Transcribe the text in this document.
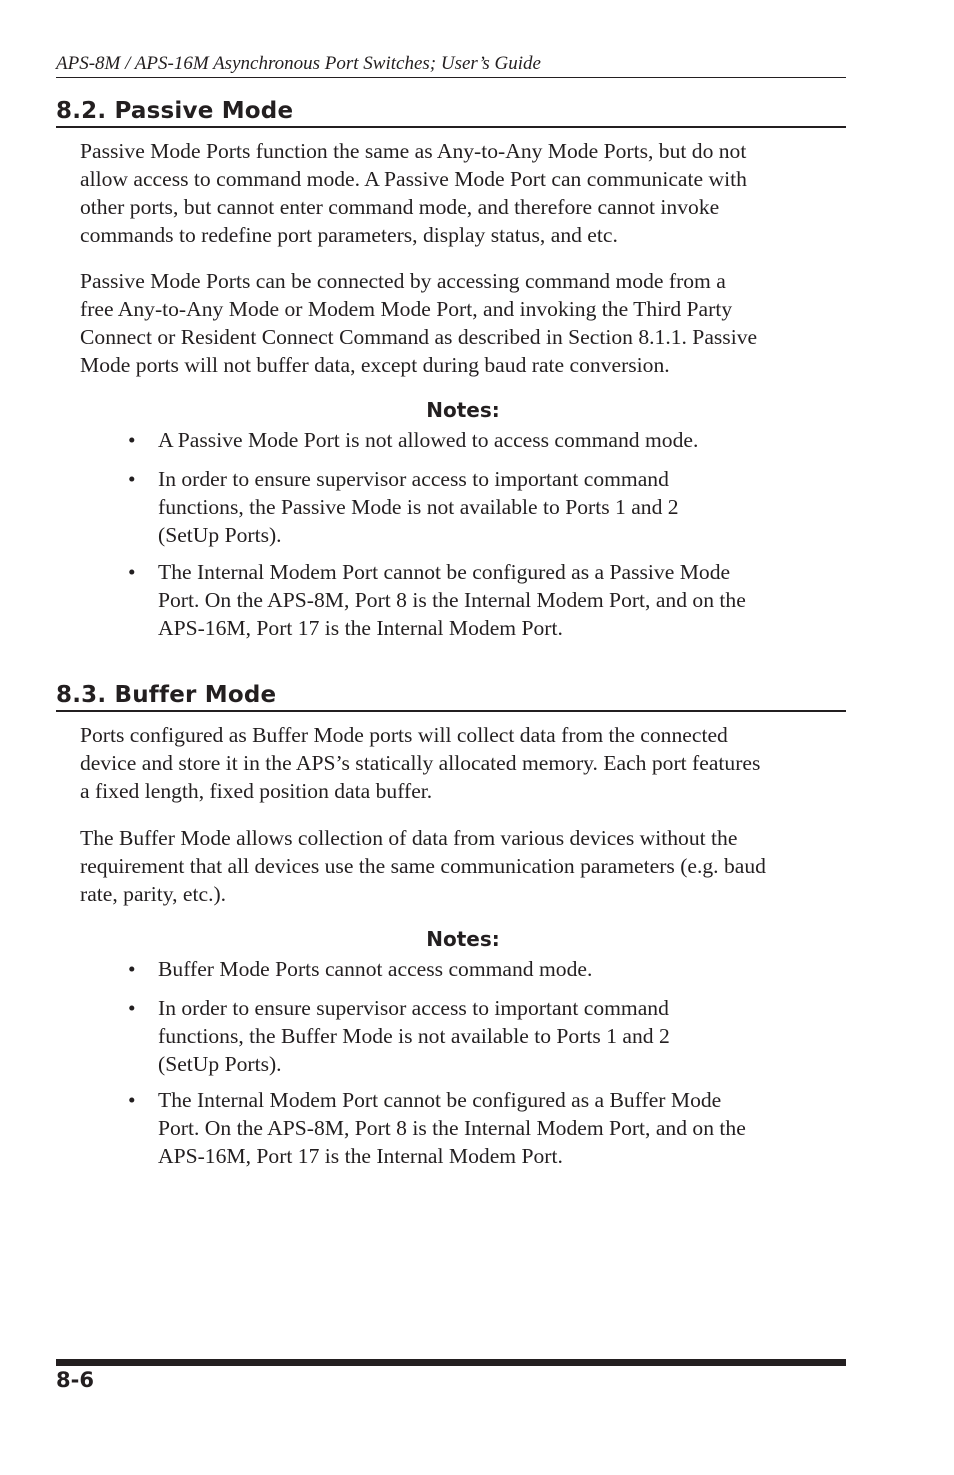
APS-8M / APS-16M Asynchronous Port Switches; User’s Guide
8.2. Passive Mode

Passive Mode Ports function the same as Any-to-Any Mode Ports, but do not
allow access to command mode. A Passive Mode Port can communicate with
other ports, but cannot enter command mode, and therefore cannot invoke
commands to redefine port parameters, display status, and etc.

Passive Mode Ports can be connected by accessing command mode from a
free Any-to-Any Mode or Modem Mode Port, and invoking the Third Party
Connect or Resident Connect Command as described in Section 8.1.1. Passive
Mode ports will not buffer data, except during baud rate conversion.

Notes:
•	A Passive Mode Port is not allowed to access command mode.
•	In order to ensure supervisor access to important command
functions, the Passive Mode is not available to Ports 1 and 2
(SetUp Ports).
•	The Internal Modem Port cannot be configured as a Passive Mode
Port. On the APS-8M, Port 8 is the Internal Modem Port, and on the
APS-16M, Port 17 is the Internal Modem Port.
8.3. Buffer Mode

Ports configured as Buffer Mode ports will collect data from the connected
device and store it in the APS’s statically allocated memory. Each port features
a fixed length, fixed position data buffer.

The Buffer Mode allows collection of data from various devices without the
requirement that all devices use the same communication parameters (e.g. baud
rate, parity, etc.).

Notes:
•	Buffer Mode Ports cannot access command mode.
•	In order to ensure supervisor access to important command
functions, the Buffer Mode is not available to Ports 1 and 2
(SetUp Ports).
•	The Internal Modem Port cannot be configured as a Buffer Mode
Port. On the APS-8M, Port 8 is the Internal Modem Port, and on the
APS-16M, Port 17 is the Internal Modem Port.
8-6
